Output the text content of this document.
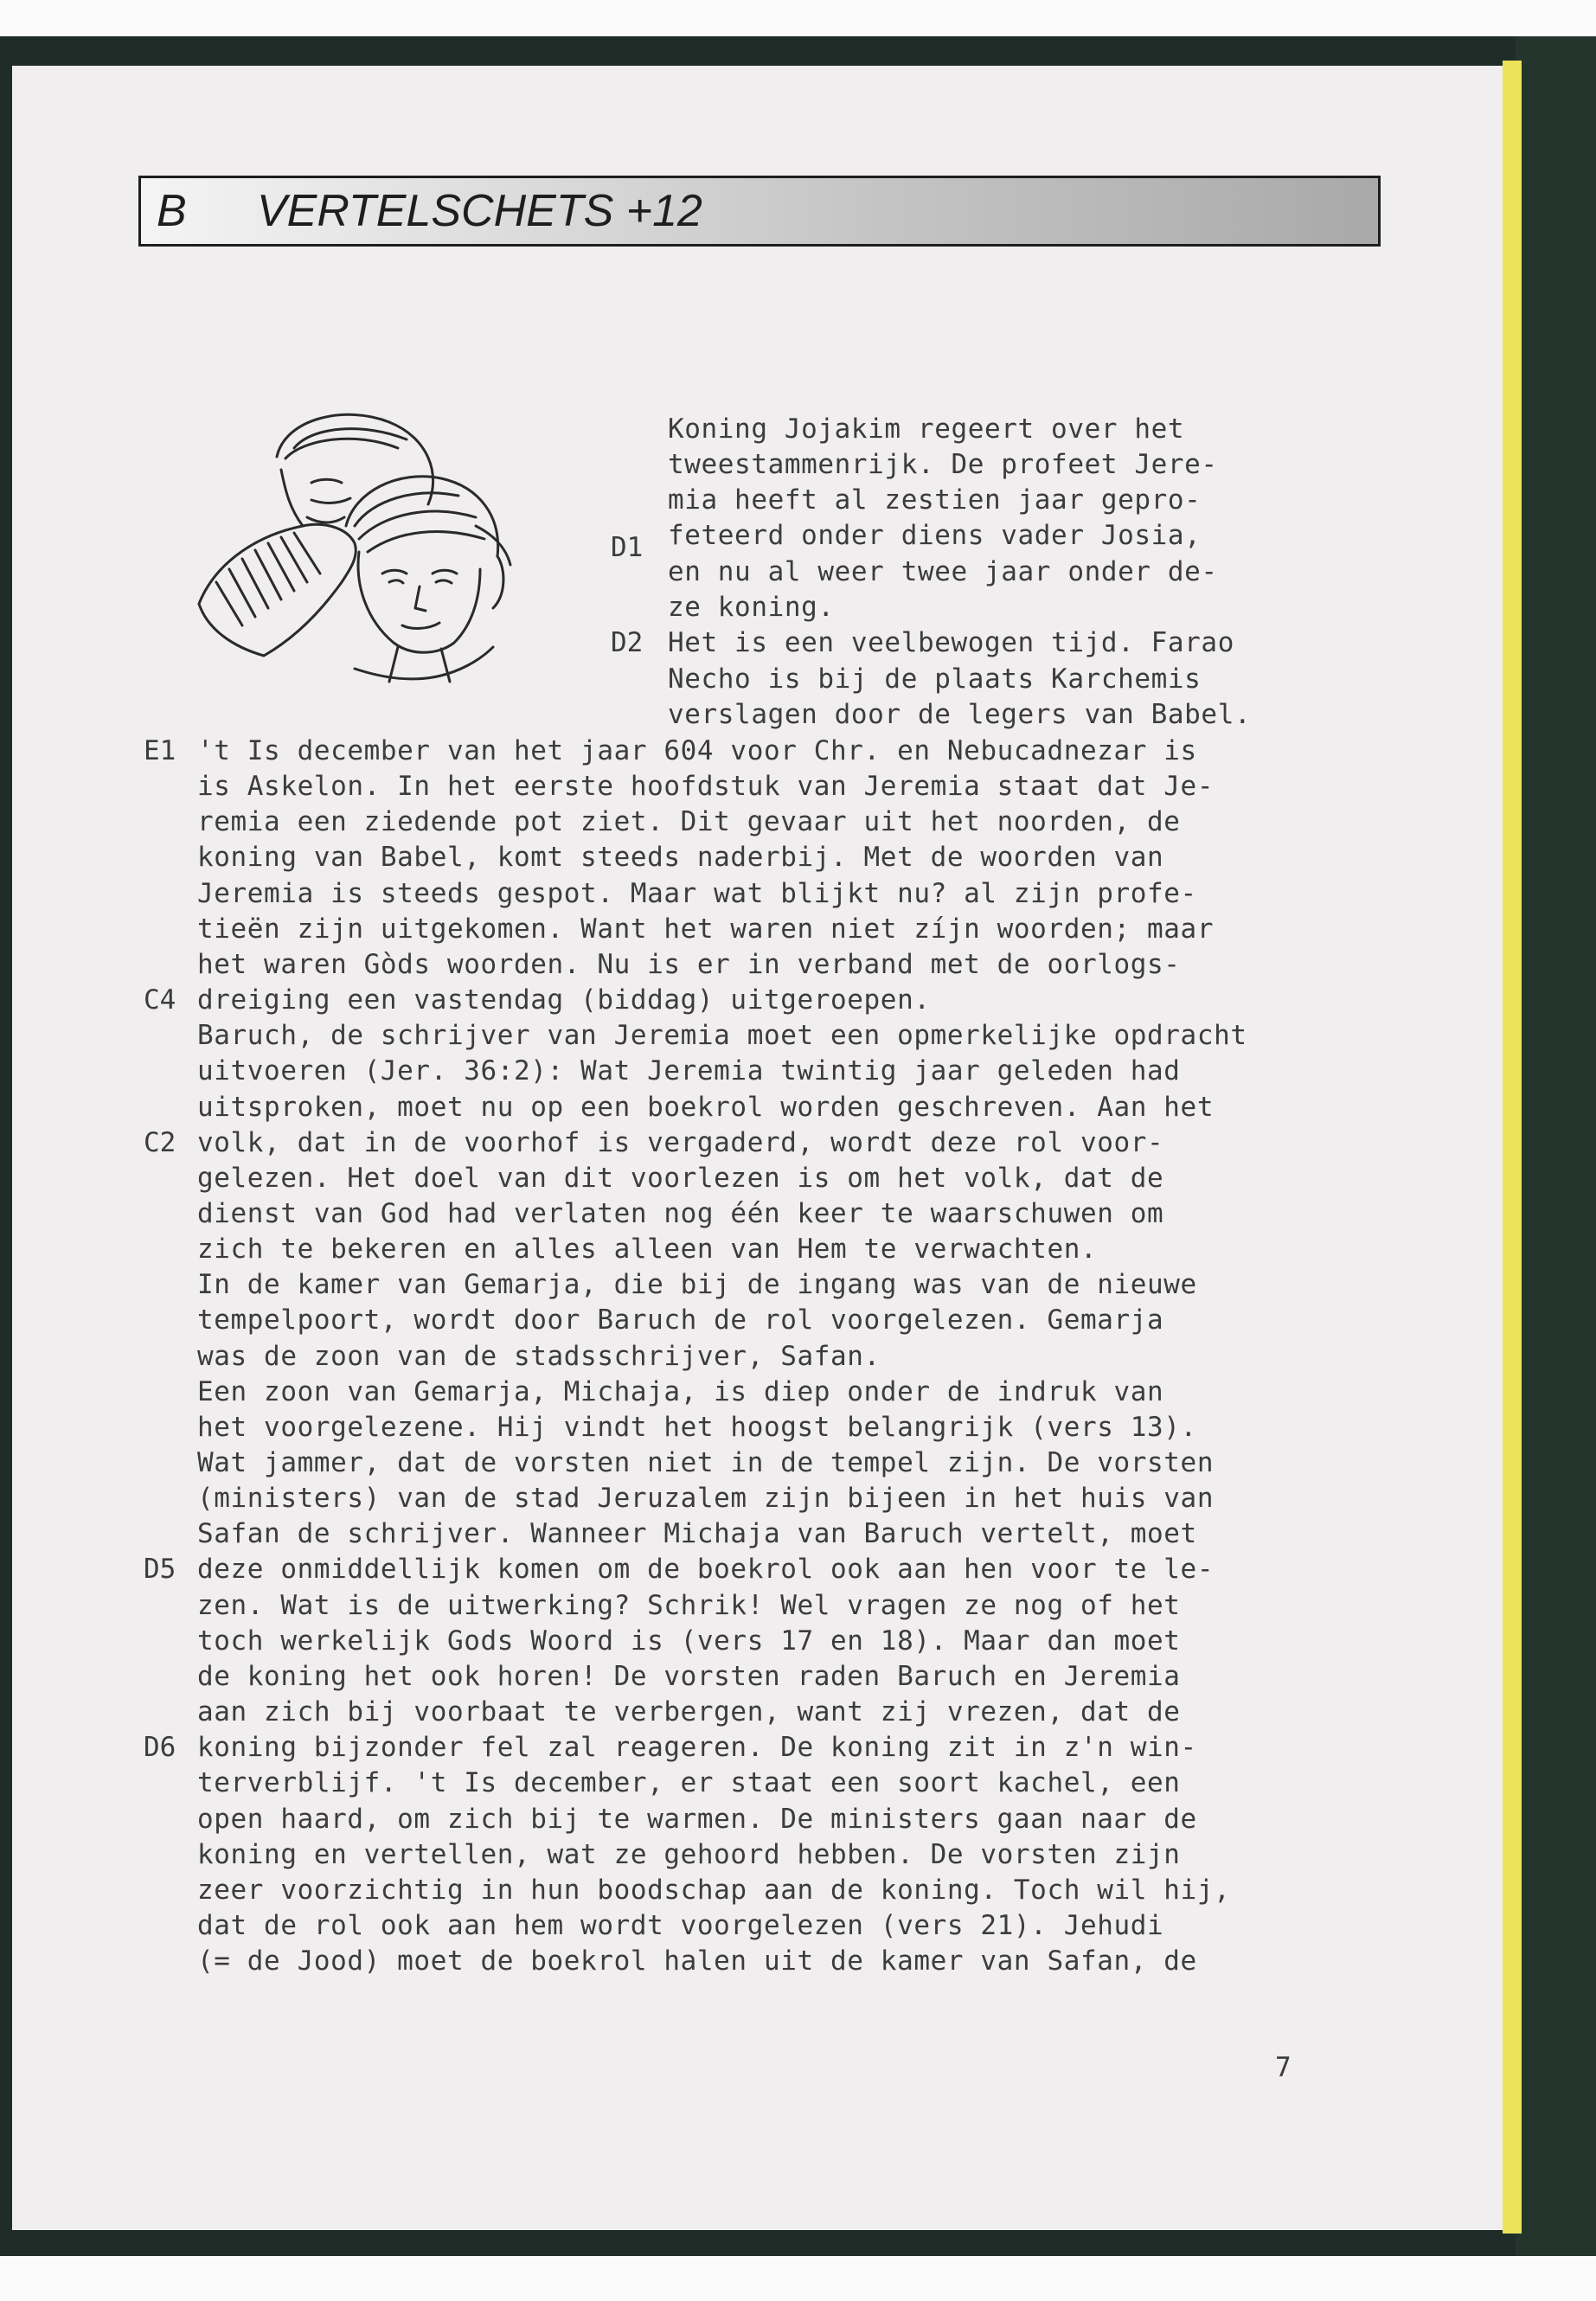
B VERTELSCHETS +12
D1
D2
Koning Jojakim regeert over het
tweestammenrijk. De profeet Jere-
mia heeft al zestien jaar gepro-
feteerd onder diens vader Josia,
en nu al weer twee jaar onder de-
ze koning.
Het is een veelbewogen tijd. Farao
Necho is bij de plaats Karchemis
verslagen door de legers van Babel.
't Is december van het jaar 604 voor Chr. en Nebucadnezar is
E1
is Askelon. In het eerste hoofdstuk van Jeremia staat dat Je-
remia een ziedende pot ziet. Dit gevaar uit het noorden, de
koning van Babel, komt steeds naderbij. Met de woorden van
Jeremia is steeds gespot. Maar wat blijkt nu? al zijn profe-
tieën zijn uitgekomen. Want het waren niet zíjn woorden; maar
het waren Gòds woorden. Nu is er in verband met de oorlogs-
dreiging een vastendag (biddag) uitgeroepen.
C4
Baruch, de schrijver van Jeremia moet een opmerkelijke opdracht
uitvoeren (Jer. 36:2): Wat Jeremia twintig jaar geleden had
uitsproken, moet nu op een boekrol worden geschreven. Aan het
volk, dat in de voorhof is vergaderd, wordt deze rol voor-
C2
gelezen. Het doel van dit voorlezen is om het volk, dat de
dienst van God had verlaten nog één keer te waarschuwen om
zich te bekeren en alles alleen van Hem te verwachten.
In de kamer van Gemarja, die bij de ingang was van de nieuwe
tempelpoort, wordt door Baruch de rol voorgelezen. Gemarja
was de zoon van de stadsschrijver, Safan.
Een zoon van Gemarja, Michaja, is diep onder de indruk van
het voorgelezene. Hij vindt het hoogst belangrijk (vers 13).
Wat jammer, dat de vorsten niet in de tempel zijn. De vorsten
(ministers) van de stad Jeruzalem zijn bijeen in het huis van
Safan de schrijver. Wanneer Michaja van Baruch vertelt, moet
deze onmiddellijk komen om de boekrol ook aan hen voor te le-
D5
zen. Wat is de uitwerking? Schrik! Wel vragen ze nog of het
toch werkelijk Gods Woord is (vers 17 en 18). Maar dan moet
de koning het ook horen! De vorsten raden Baruch en Jeremia
aan zich bij voorbaat te verbergen, want zij vrezen, dat de
koning bijzonder fel zal reageren. De koning zit in z'n win-
D6
terverblijf. 't Is december, er staat een soort kachel, een
open haard, om zich bij te warmen. De ministers gaan naar de
koning en vertellen, wat ze gehoord hebben. De vorsten zijn
zeer voorzichtig in hun boodschap aan de koning. Toch wil hij,
dat de rol ook aan hem wordt voorgelezen (vers 21). Jehudi
(= de Jood) moet de boekrol halen uit de kamer van Safan, de
7
